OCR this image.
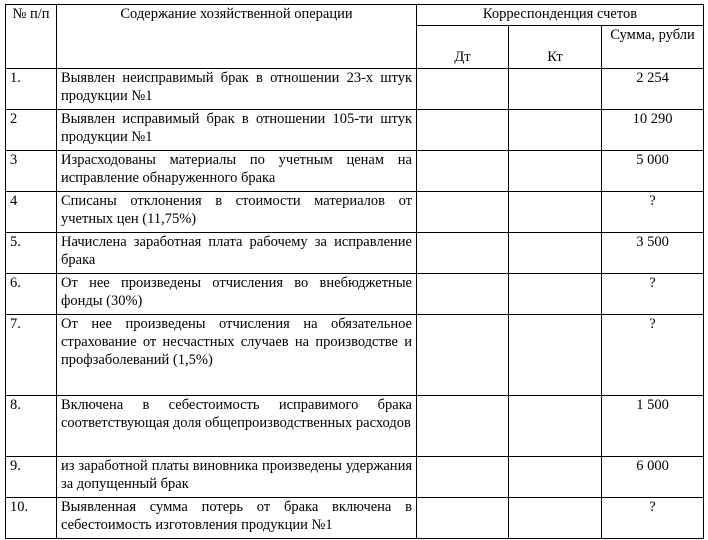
№ п/п	Содержание хозяйственной операции	Корреспонденция счетов		
		Дт	Кт	Сумма, рубли
1.	Выявлен неисправимый брак в отношении 23-х штук продукции №1			2 254
2	Выявлен исправимый брак в отношении 105-ти штук продукции №1			10 290
3	Израсходованы материалы по учетным ценам на исправление обнаруженного брака			5 000
4	Списаны отклонения в стоимости материалов от учетных цен (11,75%)			?
5.	Начислена заработная плата рабочему за исправление брака			3 500
6.	От нее произведены отчисления во внебюджетные фонды (30%)			?
7.	От нее произведены отчисления на обязательное страхование от несчастных случаев на производстве и профзаболеваний (1,5%)			?
8.	Включена в себестоимость исправимого брака соответствующая доля общепроизводственных расходов			1 500
9.	из заработной платы виновника произведены удержания за допущенный брак			6 000
10.	Выявленная сумма потерь от брака включена в себестоимость изготовления продукции №1			?
